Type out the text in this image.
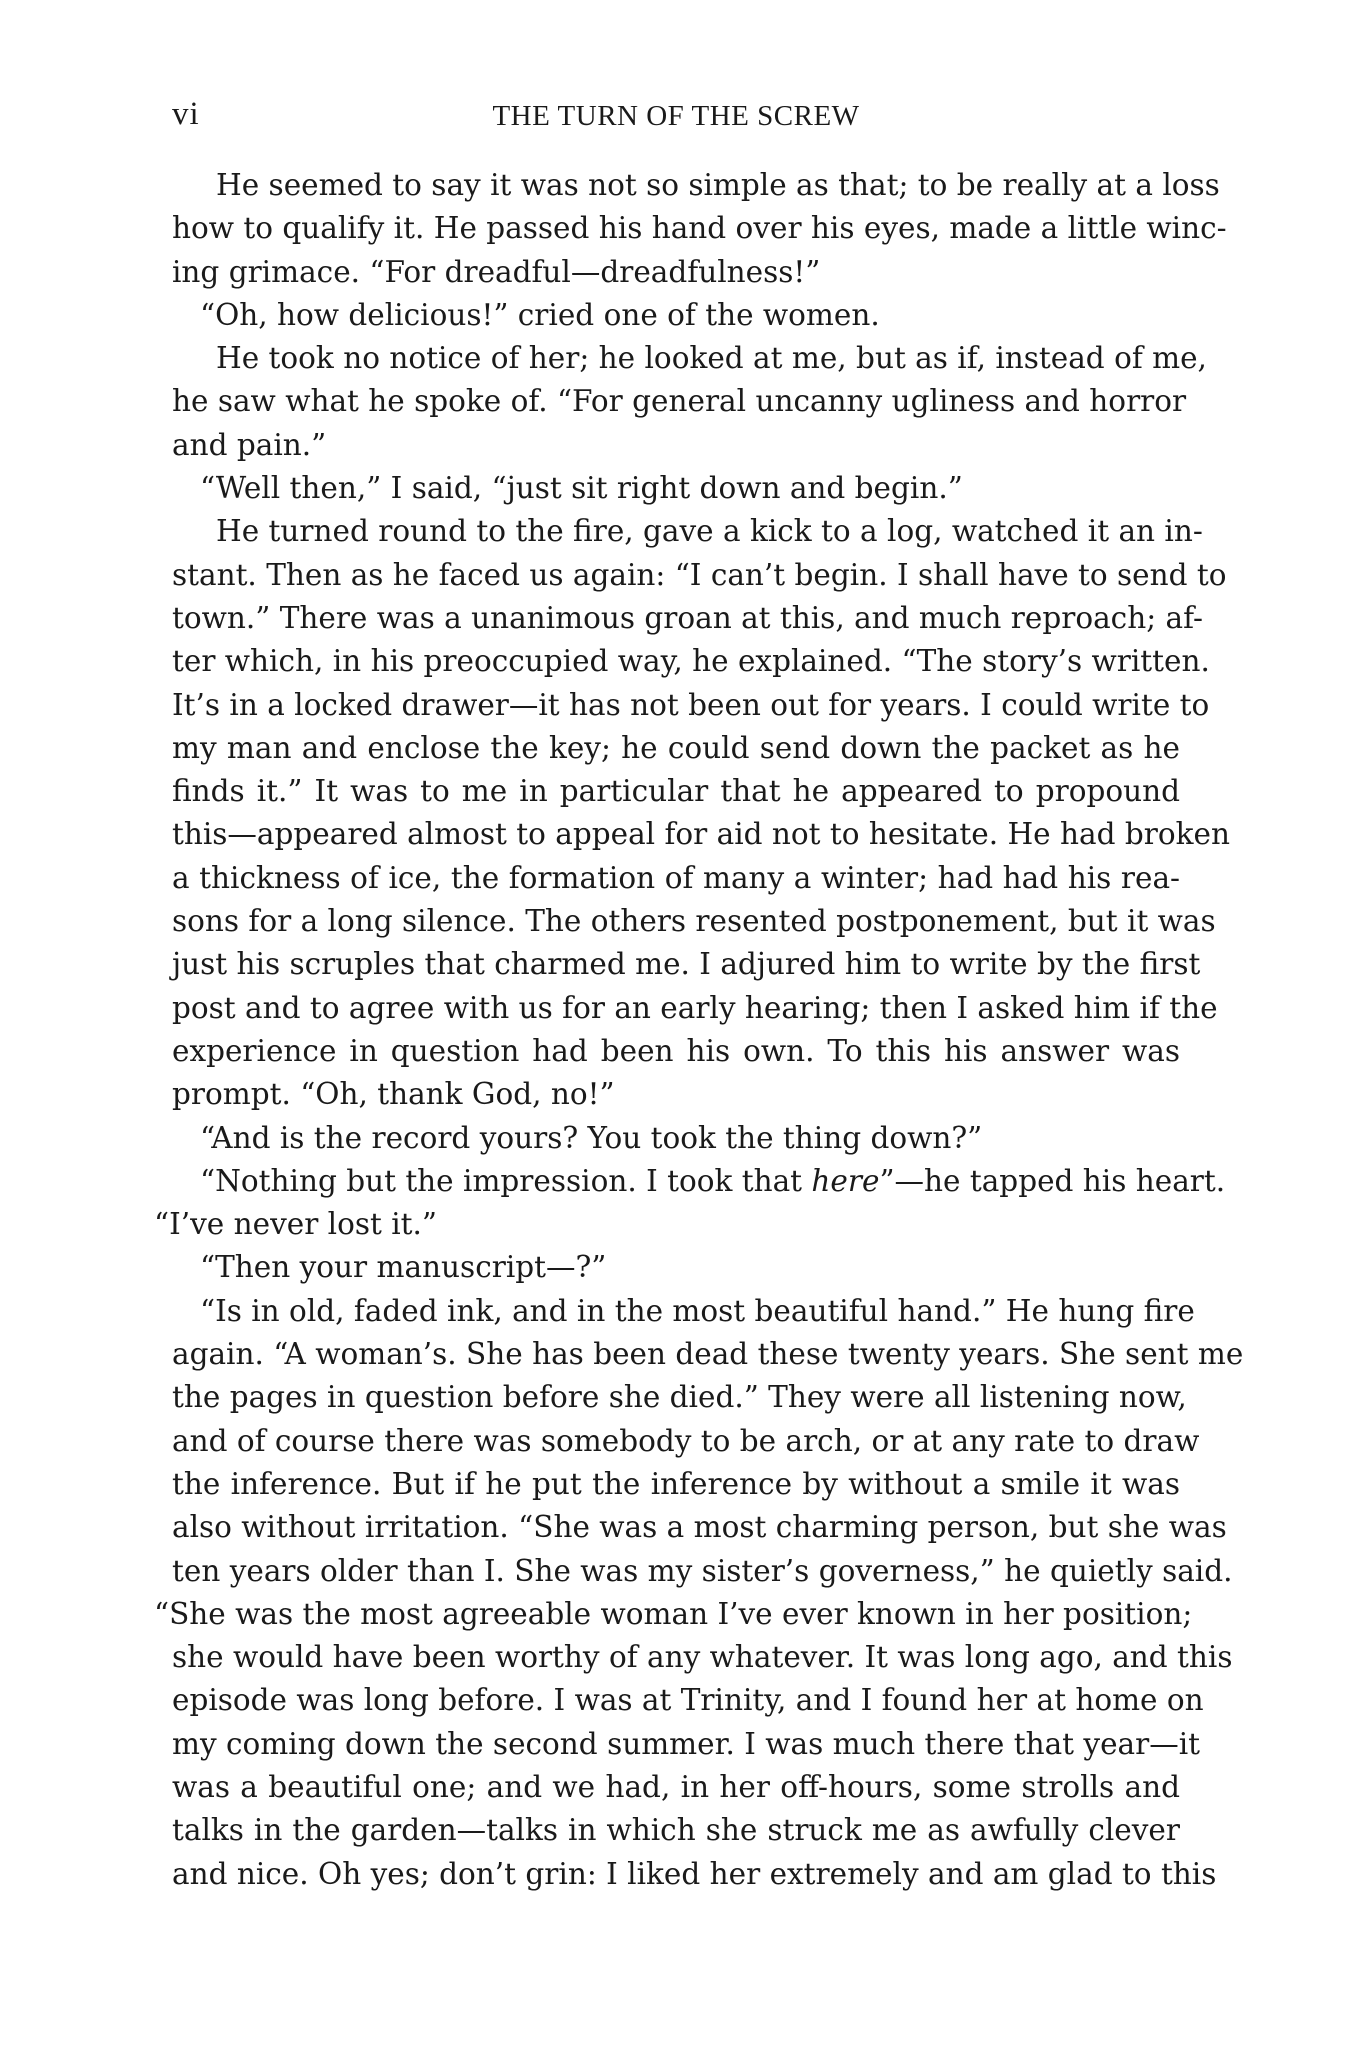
vi	THE TURN OF THE SCREW
He seemed to say it was not so simple as that; to be really at a loss
how to qualify it. He passed his hand over his eyes, made a little winc-
ing grimace. “For dreadful—dreadfulness!”
“Oh, how delicious!” cried one of the women.
He took no notice of her; he looked at me, but as if, instead of me,
he saw what he spoke of. “For general uncanny ugliness and horror
and pain.”
“Well then,” I said, “just sit right down and begin.”
He turned round to the fire, gave a kick to a log, watched it an in-
stant. Then as he faced us again: “I can’t begin. I shall have to send to
town.” There was a unanimous groan at this, and much reproach; af-
ter which, in his preoccupied way, he explained. “The story’s written.
It’s in a locked drawer—it has not been out for years. I could write to
my man and enclose the key; he could send down the packet as he
finds it.” It was to me in particular that he appeared to propound
this—appeared almost to appeal for aid not to hesitate. He had broken
a thickness of ice, the formation of many a winter; had had his rea-
sons for a long silence. The others resented postponement, but it was
just his scruples that charmed me. I adjured him to write by the first
post and to agree with us for an early hearing; then I asked him if the
experience in question had been his own. To this his answer was
prompt. “Oh, thank God, no!”
“And is the record yours? You took the thing down?”
“Nothing but the impression. I took that here”—he tapped his heart.
“I’ve never lost it.”
“Then your manuscript—?”
“Is in old, faded ink, and in the most beautiful hand.” He hung fire
again. “A woman’s. She has been dead these twenty years. She sent me
the pages in question before she died.” They were all listening now,
and of course there was somebody to be arch, or at any rate to draw
the inference. But if he put the inference by without a smile it was
also without irritation. “She was a most charming person, but she was
ten years older than I. She was my sister’s governess,” he quietly said.
“She was the most agreeable woman I’ve ever known in her position;
she would have been worthy of any whatever. It was long ago, and this
episode was long before. I was at Trinity, and I found her at home on
my coming down the second summer. I was much there that year—it
was a beautiful one; and we had, in her off-hours, some strolls and
talks in the garden—talks in which she struck me as awfully clever
and nice. Oh yes; don’t grin: I liked her extremely and am glad to this
